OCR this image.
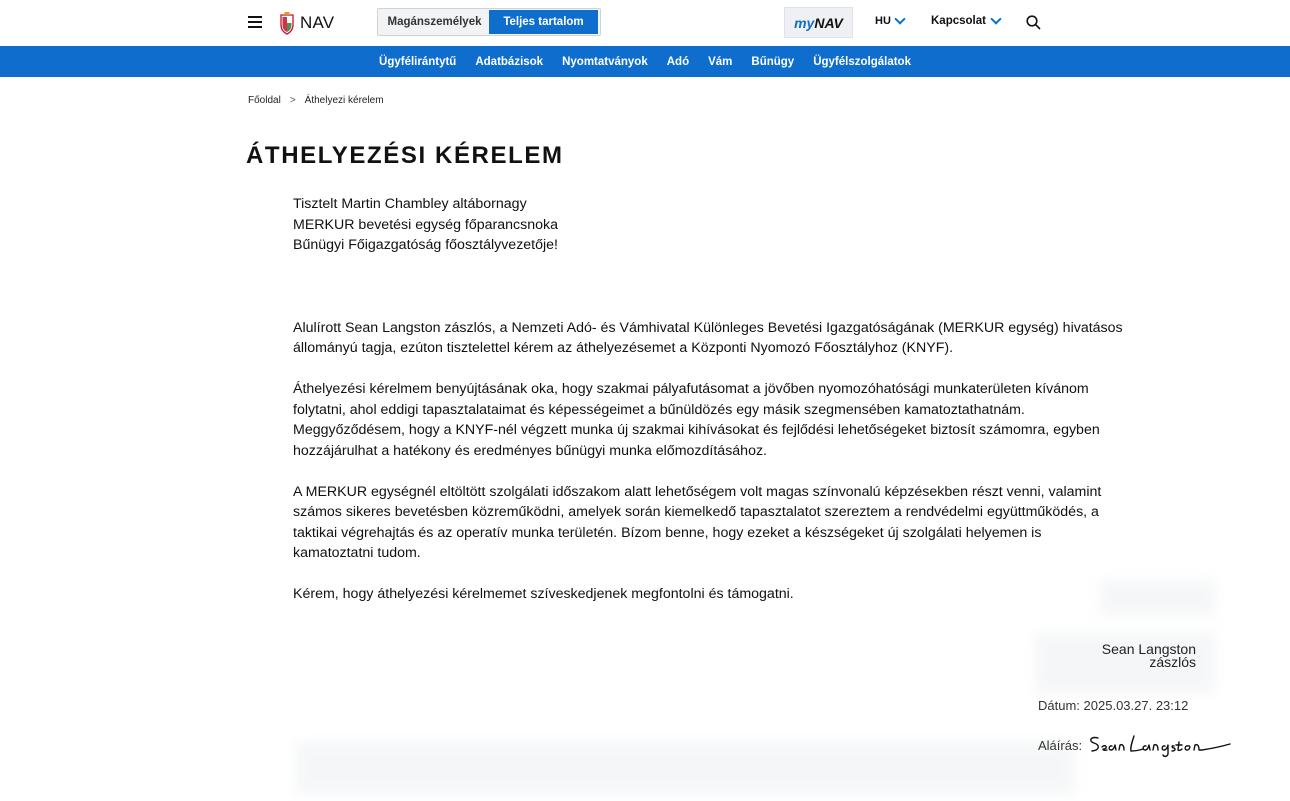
NAV	Magánszemélyek	Teljes tartalom	my NAV	HU	Kapcsolat
Ügyfélirántytű Adatbázisok Nyomtatványok Adó Vám Bűnügy Ügyfélszolgálatok
Főoldal > Áthelyezi kérelem
ÁTHELYEZÉSI KÉRELEM

Tisztelt Martin Chambley altábornagy
MERKUR bevetési egység főparancsnoka
Bűnügyi Főigazgatóság főosztályvezetője!

Alulírott Sean Langston zászlós, a Nemzeti Adó- és Vámhivatal Különleges Bevetési Igazgatóságának (MERKUR egység) hivatásos állományú tagja, ezúton tisztelettel kérem az áthelyezésemet a Központi Nyomozó Főosztályhoz (KNYF).

Áthelyezési kérelmem benyújtásának oka, hogy szakmai pályafutásomat a jövőben nyomozóhatósági munkaterületen kívánom folytatni, ahol eddigi tapasztalataimat és képességeimet a bűnüldözés egy másik szegmensében kamatoztathatnám. Meggyőződésem, hogy a KNYF-nél végzett munka új szakmai kihívásokat és fejlődési lehetőségeket biztosít számomra, egyben hozzájárulhat a hatékony és eredményes bűnügyi munka előmozdításához.

A MERKUR egységnél eltöltött szolgálati időszakom alatt lehetőségem volt magas színvonalú képzésekben részt venni, valamint számos sikeres bevetésben közreműködni, amelyek során kiemelkedő tapasztalatot szereztem a rendvédelmi együttműködés, a taktikai végrehajtás és az operatív munka területén. Bízom benne, hogy ezeket a készségeket új szolgálati helyemen is kamatoztatni tudom.

Kérem, hogy áthelyezési kérelmemet szíveskedjenek megfontolni és támogatni.

Sean Langston
zászlós
Dátum: 2025.03.27. 23:12
Aláírás:
